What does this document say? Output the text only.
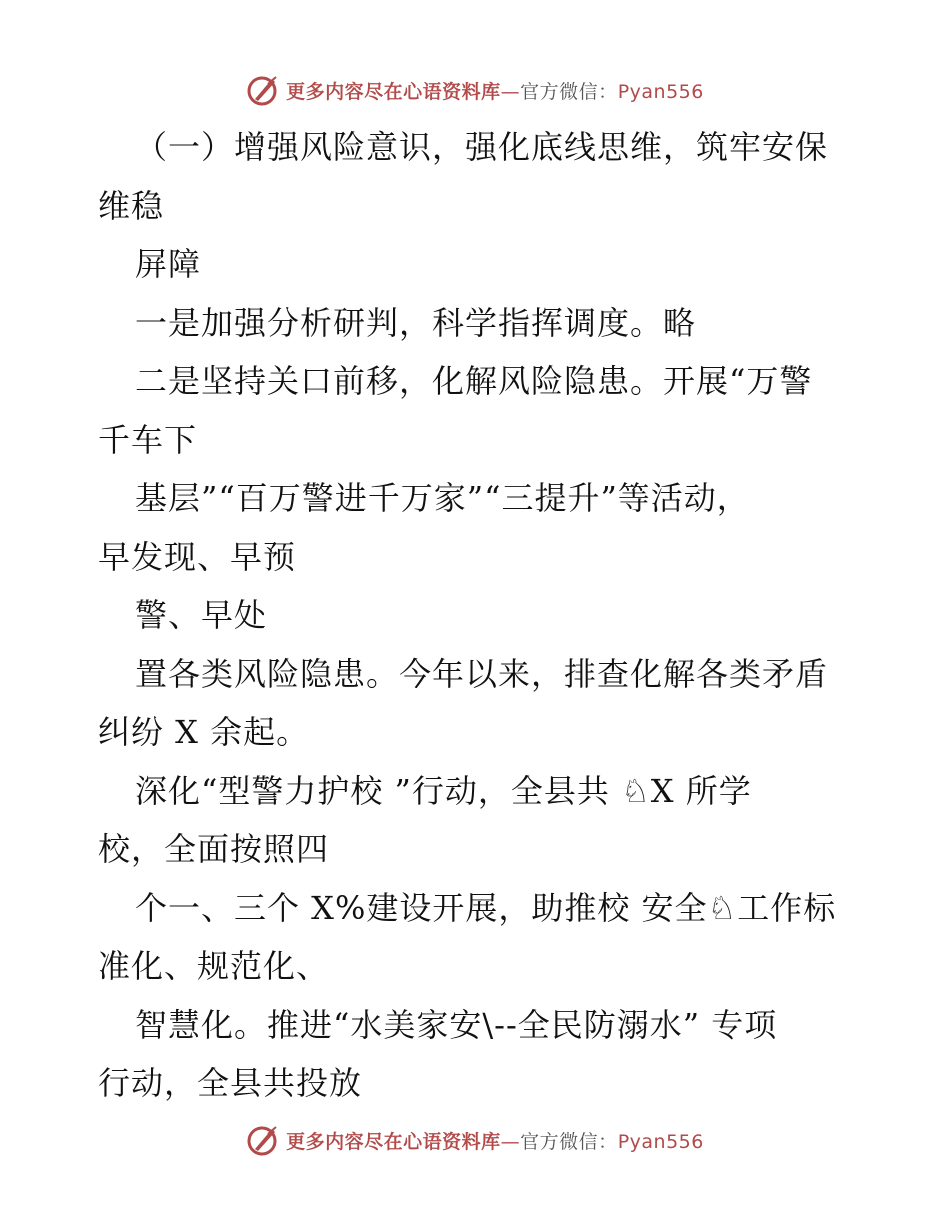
更多内容尽在心语资料库—官方微信：Pyan556
（一）增强风险意识，强化底线思维，筑牢安保
维稳
屏障
一是加强分析研判，科学指挥调度。略
二是坚持关口前移，化解风险隐患。开展“万警
千车下
基层”“百万警进千万家”“三提升”等活动，
早发现、早预
警、早处
置各类风险隐患。今年以来，排查化解各类矛盾
纠纷 X 余起。
深化“型警力护校 ”行动，全县共 ♘X 所学
校，全面按照四
个一、三个 X%建设开展，助推校 安全♘工作标
准化、规范化、
智慧化。推进“水美家安\--全民防溺水” 专项
行动，全县共投放
更多内容尽在心语资料库—官方微信：Pyan556
